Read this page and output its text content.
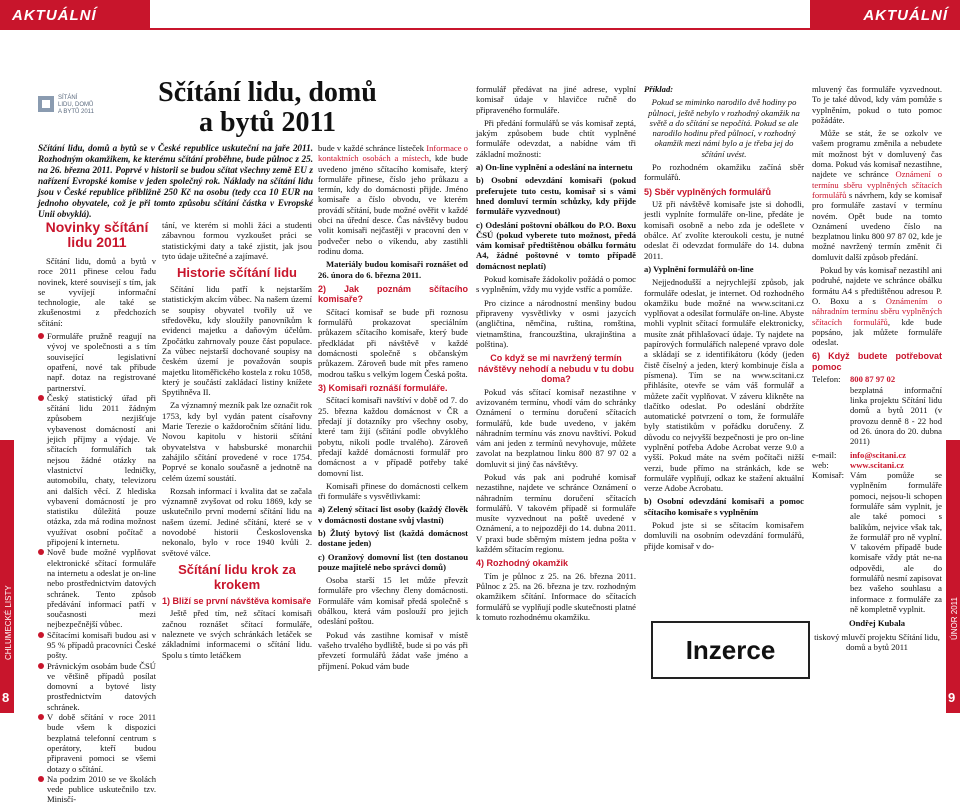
AKTUÁLNÍ	AKTUÁLNÍ
CHLUMECKÉ LISTY
8
ÚNOR 2011
9
SÍTÁNÍ
LIDU, DOMŮ
A BYTŮ 2011
Sčítání lidu, domů a bytů 2011
Sčítání lidu, domů a bytů se v České republice uskuteční na jaře 2011. Rozhodným okamžikem, ke kterému sčítání proběhne, bude půlnoc z 25. na 26. března 2011. Poprvé v historii se budou sčítat všechny země EU z nařízení Evropské komise v jeden společný rok. Náklady na sčítání lidu jsou v České republice přibližně 250 Kč na osobu (tedy cca 10 EUR na jednoho obyvatele, což je při tomto způsobu sčítání částka v Evropské Unii obvyklá).
Novinky sčítání lidu 2011

Sčítání lidu, domů a bytů v roce 2011 přinese celou řadu novinek, které souvisejí s tím, jak se vyvíjejí informační technologie, ale také se zkušenostmi z předchozích sčítání:

Formuláře pružně reagují na vývoj ve společnosti a s tím související legislativní opatření, nové tak přibude např. dotaz na registrované partnerství.
Český statistický úřad při sčítání lidu 2011 žádným způsobem nezjišťuje vybavenost domácností ani jejich příjmy a výdaje. Ve sčítacích formulářích tak nejsou žádné otázky na vlastnictví ledničky, automobilu, chaty, televizoru ani dalších věcí. Z hlediska vybavení domácností je pro statistiku důležitá pouze otázka, zda má rodina možnost využívat osobní počítač a připojení k internetu.
Nově bude možné vyplňovat elektronické sčítací formuláře na internetu a odeslat je on-line nebo prostřednictvím datových schránek. Tento způsob předávání informací patří v současnosti mezi nejbezpečnější vůbec.
Sčítacími komisaři budou asi v 95 % případů pracovníci České pošty.
Právnickým osobám bude ČSÚ ve většině případů posílat domovní a bytové listy prostřednictvím datových schránek.
V době sčítání v roce 2011 bude všem k dispozici bezplatná telefonní centrum s operátory, kteří budou připraveni pomoci se všemi dotazy o sčítání.
Na podzim 2010 se ve školách vede publice uskutečnilo tzv. Minisčí-

tání, ve kterém si mohli žáci a studenti zábavnou formou vyzkoušet práci se statistickými daty a také zjistit, jak jsou tyto údaje užitečné a zajímavé.

Historie sčítání lidu

Sčítání lidu patří k nejstarším statistickým akcím vůbec. Na našem území se soupisy obyvatel tvořily už ve středověku, kdy sloužily panovníkům k evidenci majetku a daňovým účelům. Zpočátku zahrnovaly pouze část populace. Za vůbec nejstarší dochované soupisy na českém území je považován soupis majetku litoměřického kostela z roku 1058, který je součástí zakládací listiny knížete Spytihněva II.

Za významný mezník pak lze označit rok 1753, kdy byl vydán patent císařovny Marie Terezie o každoročním sčítání lidu. Novou kapitolu v historii sčítání obyvatelstva v habsburské monarchii zahájilo sčítání provedené v roce 1754. Poprvé se konalo současně a jednotně na celém území soustátí.

Rozsah informací i kvalita dat se začala významně zvyšovat od roku 1869, kdy se uskutečnilo první moderní sčítání lidu na našem území. Jediné sčítání, které se v novodobé historii Československa nekonalo, bylo v roce 1940 kvůli 2. světové válce.

Sčítání lidu krok za krokem
1) Bliží se první návštěva komisaře

Ještě před tím, než sčítací komisaři začnou roznášet sčítací formuláře, naleznete ve svých schránkách letáček se základními informacemi o sčítání lidu. Spolu s tímto letáčkem

bude v každé schránce lísteček Informace o kontaktních osobách a místech, kde bude uvedeno jméno sčítacího komisaře, který formuláře přinese, číslo jeho průkazu a termín, kdy do domácnosti přijde. Jméno komisaře a číslo obvodu, ve kterém provádí sčítání, bude možné ověřit v každé obci na úřední desce. Čas návštěvy budou volit komisaři nejčastěji v pracovní den v podvečer nebo o víkendu, aby zastihli rodinu doma.

Materiály budou komisaři roznášet od 26. února do 6. března 2011.

2) Jak poznám sčítacího komisaře?

Sčítací komisař se bude při roznosu formulářů prokazovat speciálním průkazem sčítacího komisaře, který bude předkládat při návštěvě v každé domácnosti společně s občanským průkazem. Zároveň bude mít přes rameno modrou tašku s velkým logem Česká pošta.

3) Komisaři roznáší formuláře.

Sčítací komisaři navštíví v době od 7. do 25. března každou domácnost v ČR a předají jí dotazníky pro všechny osoby, které tam žijí (sčítání podle obvyklého pobytu, nikoli podle trvalého). Zároveň předají každé domácnosti formulář pro domácnost a v případě potřeby také domovní list.

Komisaři přinese do domácnosti celkem tři formuláře s vysvětlivkami:

a) Zelený sčítací list osoby (každý člověk v domácnosti dostane svůj vlastní)

b) Žlutý bytový list (každá domácnost dostane jeden)

c) Oranžový domovní list (ten dostanou pouze majitelé nebo správci domů)

Osoba starší 15 let může převzít formuláře pro všechny členy domácnosti. Formuláře vám komisař předá společně s obálkou, která vám poslouží pro jejich odeslání poštou.

Pokud vás zastihne komisař v místě vašeho trvalého bydliště, bude si po vás při převzetí formulářů žádat vaše jméno a příjmení. Pokud vám bude

formulář předávat na jiné adrese, vyplní komisař údaje v hlavičce ručně do připraveného formuláře.

Při předání formulářů se vás komisař zeptá, jakým způsobem bude chtít vyplněné formuláře odevzdat, a nabídne vám tři základní možnosti:

a) On-line vyplnění a odeslání na internetu

b) Osobní odevzdání komisaři (pokud preferujete tuto cestu, komisař si s vámi hned domluví termín schůzky, kdy přijde formuláře vyzvednout)

c) Odeslání poštovní obálkou do P.O. Boxu ČSÚ (pokud vyberete tuto možnost, předá vám komisař předtištěnou obálku formátu A4, žádné poštovné v tomto případě domácnost neplatí)

Pokud komisaře žádokoliv požádá o pomoc s vyplněním, vždy mu vyjde vstříc a pomůže.

Pro cizince a národnostní menšiny budou připraveny vysvětlivky v osmi jazycích (angličtina, němčina, ruština, romština, vietnamština, francouzština, ukrajinština a polština).

Co když se mi navržený termín návštěvy nehodí a nebudu v tu dobu doma?

Pokud vás sčítací komisař nezastihne v avizovaném termínu, vhodí vám do schránky Oznámení o termínu doručení sčítacích formulářů, kde bude uvedeno, v jakém náhradním termínu vás znovu navštíví. Pokud vám ani jeden z termínů nevyhovuje, můžete zavolat na bezplatnou linku 800 87 97 02 a domluvit si jiný čas návštěvy.

Pokud vás pak ani podruhé komisař nezastihne, najdete ve schránce Oznámení o náhradním termínu doručení sčítacích formulářů. V takovém případě si formuláře musíte vyzvednout na poště uvedené v Oznámení, a to nejpozději do 14. dubna 2011. V praxi bude sběrným místem jedna pošta v každém sčítacím regionu.

4) Rozhodný okamžik

Tím je půlnoc z 25. na 26. března 2011. Půlnoc z 25. na 26. března je tzv. rozhodným okamžikem sčítání. Informace do sčítacích formulářů se vyplňují podle skutečnosti platné k tomuto rozhodnému okamžiku.

Příklad:

Pokud se miminko narodilo dvě hodiny po půlnoci, ještě nebylo v rozhodný okamžik na světě a do sčítání se nepočítá. Pokud se ale narodilo hodinu před půlnocí, v rozhodný okamžik mezi námi bylo a je třeba jej do sčítání uvést.

Po rozhodném okamžiku začíná sběr formulářů.

5) Sběr vyplněných formulářů

Už při návštěvě komisaře jste si dohodli, jestli vyplníte formuláře on-line, předáte je komisaři osobně a nebo zda je odešlete v obálce. Ať zvolíte kteroukoli cestu, je nutné odeslat či odevzdat formuláře do 14. dubna 2011.

a) Vyplnění formulářů on-line

Nejjednodušší a nejrychlejší způsob, jak formuláře odeslat, je internet. Od rozhodného okamžiku bude možné na www.scitani.cz vyplňovat a odesílat formuláře on-line. Abyste mohli vyplnit sčítací formuláře elektronicky, musíte znát přihlašovací údaje. Ty najdete na papírových formulářích nalepené vpravo dole a skládají se z identifikátoru (kódy (jeden čistě číselný a jeden, který kombinuje čísla a písmena). Tím se na www.scitani.cz přihlásíte, otevře se vám váš formulář a můžete začít vyplňovat. V záveru klikněte na tlačítko odeslat. Po odeslání obdržíte automatické potvrzení o tom, že formuláře byly statistikům v pořádku doručeny. Z důvodu co nejvyšší bezpečnosti je pro on-line vyplnění potřeba Adobe Acrobat verze 9.0 a vyšší. Pokud máte na svém počítači nižší verzi, bude přímo na stránkách, kde se formuláře vyplňují, odkaz ke stažení aktuální verze Adobe Acrobatu.

b) Osobní odevzdání komisaři a pomoc sčítacího komisaře s vyplněním

Pokud jste si se sčítacím komisařem domluvili na osobním odevzdání formulářů, přijde komisař v do-

Inzerce

mluvený čas formuláře vyzvednout. To je také důvod, kdy vám pomůže s vyplněním, pokud o tuto pomoc požádáte.

Může se stát, že se ozkolv ve vašem programu změnila a nebudete mít možnost být v domluvený čas doma. Pokud vás komisař nezastihne, najdete ve schránce Oznámení o termínu sběru vyplněných sčítacích formulářů s návrhem, kdy se komisař pro formuláře zastaví v termínu novém. Opět bude na tomto Oznámení uvedeno číslo na bezplatnou linku 800 97 87 02, kde je možné navržený termín změnit či domluvit další způsob předání.

Pokud by vás komisař nezastihl ani podruhé, najdete ve schránce obálku formátu A4 s předtištěnou adresou P. O. Boxu a s Oznámením o náhradním termínu sběru vyplněných sčítacích formulářů, kde bude popsáno, jak můžete formuláře odeslat.

6) Když budete potřebovat pomoc
Telefon:	800 87 97 02

bezplatná informační linka projektu Sčítání lidu domů a bytů 2011 (v provozu denně 8 - 22 hod od 26. února do 20. dubna 2011)

e-mail:	info@scitani.cz
web:	www.scitani.cz
Komisař: Vám pomůže se vyplněním formuláře pomoci, nejsou-li schopen formuláře sám vyplnit, je ale také pomoci s balíkům, nejvice však tak, že formulář pro ně vyplní. V takovém případě bude komisaře vždy ptát ne-na odpovědi, ale do formulářů nesmí zapisovat bez vašeho souhlasu a informace z formuláře za ně kompletně vyplnit.

Ondřej Kubala

tiskový mluvčí projektu Sčítání lidu, domů a bytů 2011
